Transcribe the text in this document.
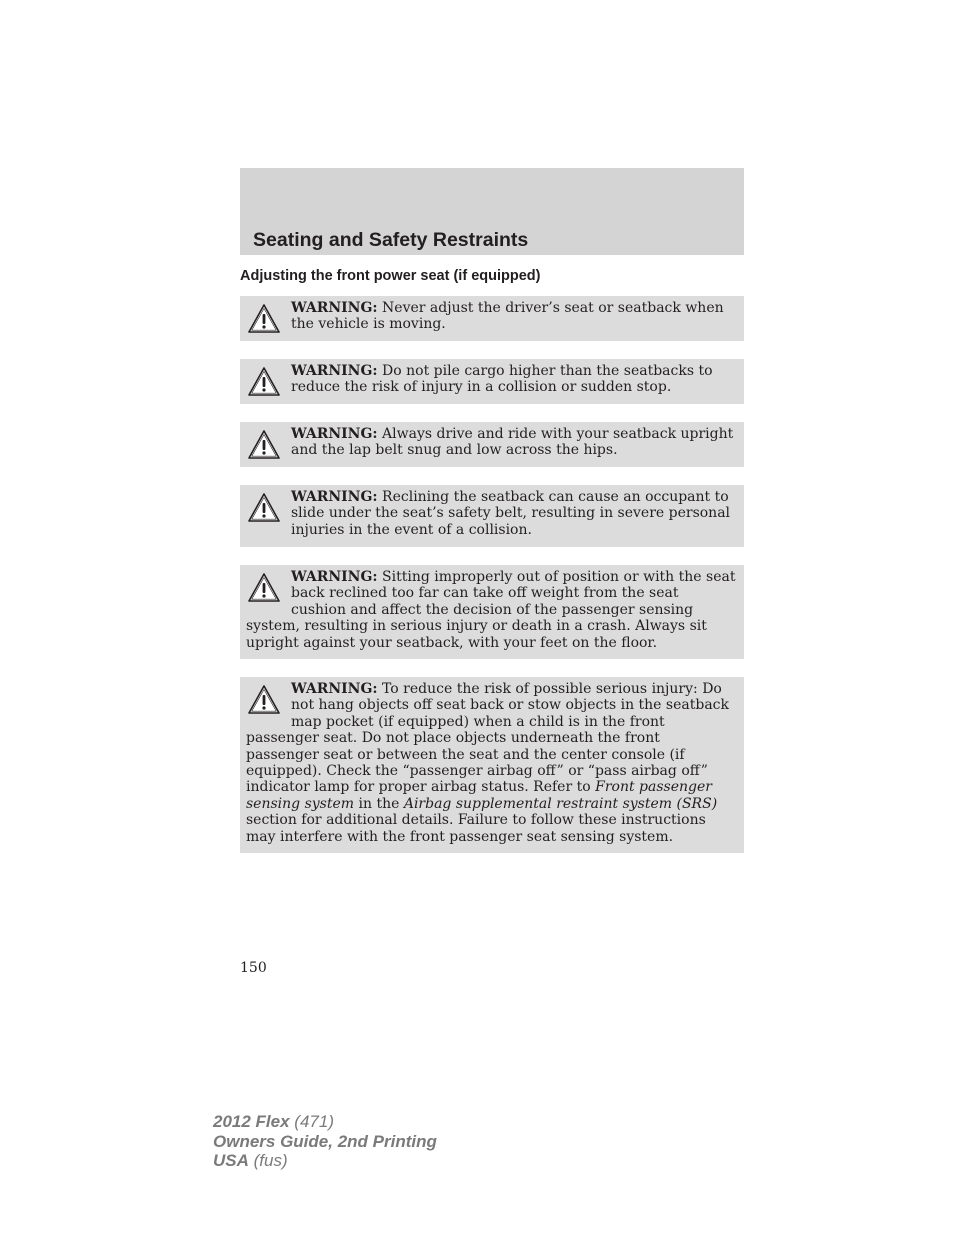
Seating and Safety Restraints
Adjusting the front power seat (if equipped)

WARNING: Never adjust the driver’s seat or seatback when the vehicle is moving.

WARNING: Do not pile cargo higher than the seatbacks to reduce the risk of injury in a collision or sudden stop.

WARNING: Always drive and ride with your seatback upright and the lap belt snug and low across the hips.

WARNING: Reclining the seatback can cause an occupant to slide under the seat’s safety belt, resulting in severe personal injuries in the event of a collision.

WARNING: Sitting improperly out of position or with the seat back reclined too far can take off weight from the seat cushion and affect the decision of the passenger sensing system, resulting in serious injury or death in a crash. Always sit upright against your seatback, with your feet on the floor.

WARNING: To reduce the risk of possible serious injury: Do not hang objects off seat back or stow objects in the seatback map pocket (if equipped) when a child is in the front passenger seat. Do not place objects underneath the front passenger seat or between the seat and the center console (if equipped). Check the “passenger airbag off” or “pass airbag off” indicator lamp for proper airbag status. Refer to Front passenger sensing system in the Airbag supplemental restraint system (SRS) section for additional details. Failure to follow these instructions may interfere with the front passenger seat sensing system.

150
2012 Flex (471)
Owners Guide, 2nd Printing
USA (fus)
